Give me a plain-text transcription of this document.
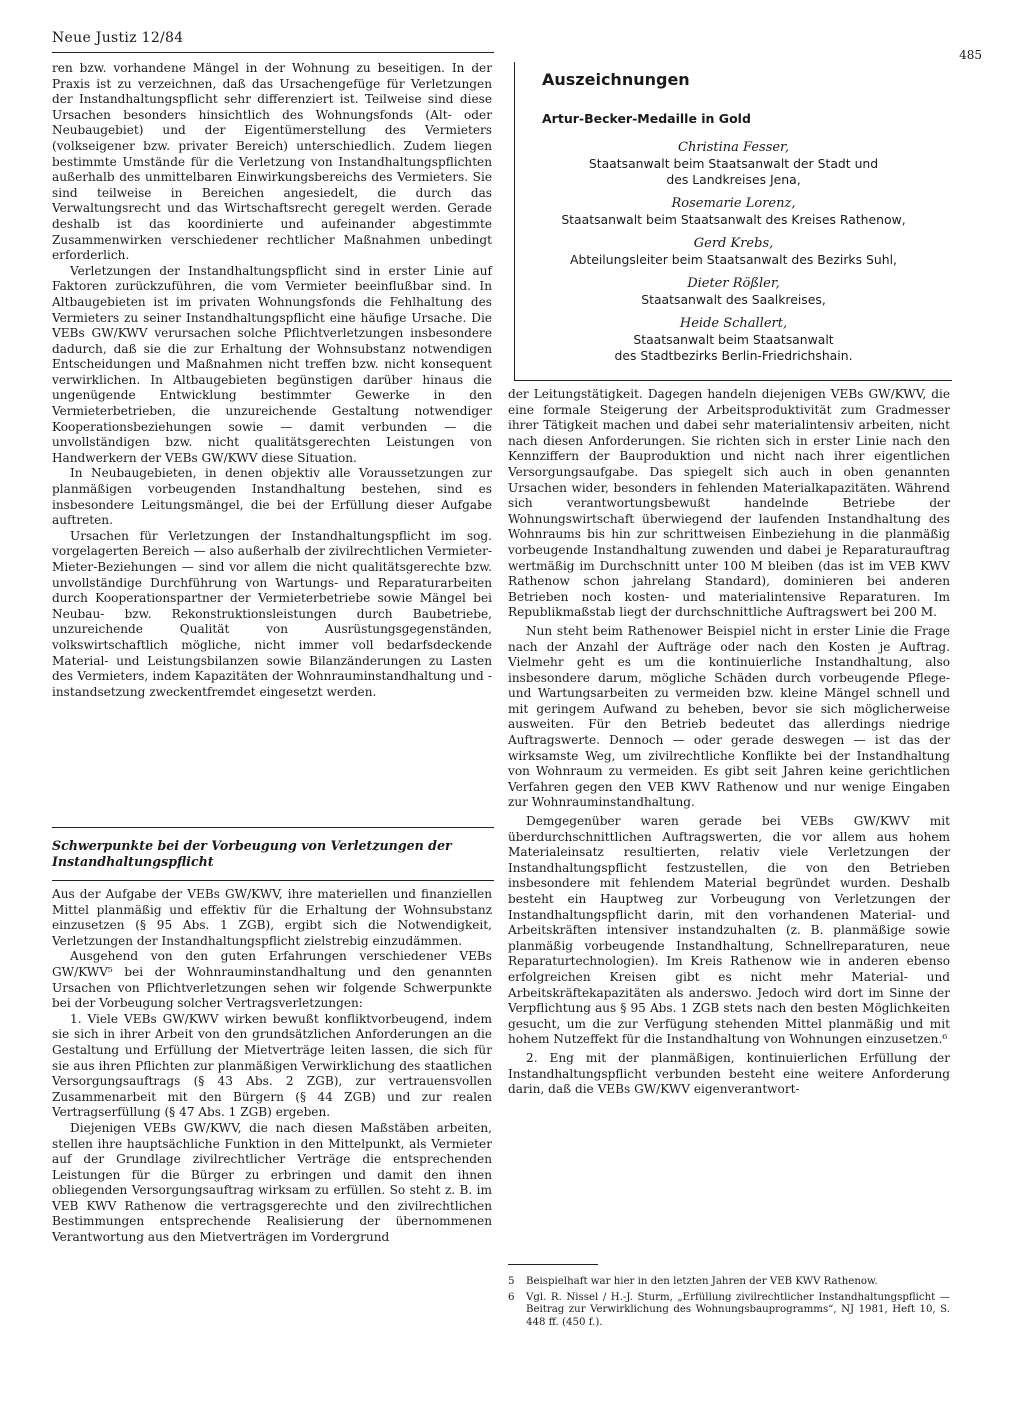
Neue Justiz 12/84
485

ren bzw. vorhandene Mängel in der Wohnung zu beseitigen. In der Praxis ist zu verzeichnen, daß das Ursachengefüge für Verletzungen der Instandhaltungspflicht sehr differenziert ist. Teilweise sind diese Ursachen besonders hinsichtlich des Wohnungsfonds (Alt- oder Neubaugebiet) und der Eigentümerstellung des Vermieters (volkseigener bzw. privater Bereich) unterschiedlich. Zudem liegen bestimmte Umstände für die Verletzung von Instandhaltungspflichten außerhalb des unmittelbaren Einwirkungsbereichs des Vermieters. Sie sind teilweise in Bereichen angesiedelt, die durch das Verwaltungsrecht und das Wirtschaftsrecht geregelt werden. Gerade deshalb ist das koordinierte und aufeinander abgestimmte Zusammenwirken verschiedener rechtlicher Maßnahmen unbedingt erforderlich.

Verletzungen der Instandhaltungspflicht sind in erster Linie auf Faktoren zurückzuführen, die vom Vermieter beeinflußbar sind. In Altbaugebieten ist im privaten Wohnungsfonds die Fehlhaltung des Vermieters zu seiner Instandhaltungspflicht eine häufige Ursache. Die VEBs GW/KWV verursachen solche Pflichtverletzungen insbesondere dadurch, daß sie die zur Erhaltung der Wohnsubstanz notwendigen Entscheidungen und Maßnahmen nicht treffen bzw. nicht konsequent verwirklichen. In Altbaugebieten begünstigen darüber hinaus die ungenügende Entwicklung bestimmter Gewerke in den Vermieterbetrieben, die unzureichende Gestaltung notwendiger Kooperationsbeziehungen sowie — damit verbunden — die unvollständigen bzw. nicht qualitätsgerechten Leistungen von Handwerkern der VEBs GW/KWV diese Situation.

In Neubaugebieten, in denen objektiv alle Voraussetzungen zur planmäßigen vorbeugenden Instandhaltung bestehen, sind es insbesondere Leitungsmängel, die bei der Erfüllung dieser Aufgabe auftreten.

Ursachen für Verletzungen der Instandhaltungspflicht im sog. vorgelagerten Bereich — also außerhalb der zivilrechtlichen Vermieter-Mieter-Beziehungen — sind vor allem die nicht qualitätsgerechte bzw. unvollständige Durchführung von Wartungs- und Reparaturarbeiten durch Kooperationspartner der Vermieterbetriebe sowie Mängel bei Neubau- bzw. Rekonstruktionsleistungen durch Baubetriebe, unzureichende Qualität von Ausrüstungsgegenständen, volkswirtschaftlich mögliche, nicht immer voll bedarfsdeckende Material- und Leistungsbilanzen sowie Bilanzänderungen zu Lasten des Vermieters, indem Kapazitäten der Wohnrauminstandhaltung und -instandsetzung zweckentfremdet eingesetzt werden.

Schwerpunkte bei der Vorbeugung von Verletzungen der Instandhaltungspflicht

Aus der Aufgabe der VEBs GW/KWV, ihre materiellen und finanziellen Mittel planmäßig und effektiv für die Erhaltung der Wohnsubstanz einzusetzen (§ 95 Abs. 1 ZGB), ergibt sich die Notwendigkeit, Verletzungen der Instandhaltungspflicht zielstrebig einzudämmen.

Ausgehend von den guten Erfahrungen verschiedener VEBs GW/KWV⁵ bei der Wohnrauminstandhaltung und den genannten Ursachen von Pflichtverletzungen sehen wir folgende Schwerpunkte bei der Vorbeugung solcher Vertragsverletzungen:

1. Viele VEBs GW/KWV wirken bewußt konfliktvorbeugend, indem sie sich in ihrer Arbeit von den grundsätzlichen Anforderungen an die Gestaltung und Erfüllung der Mietverträge leiten lassen, die sich für sie aus ihren Pflichten zur planmäßigen Verwirklichung des staatlichen Versorgungsauftrags (§ 43 Abs. 2 ZGB), zur vertrauensvollen Zusammenarbeit mit den Bürgern (§ 44 ZGB) und zur realen Vertragserfüllung (§ 47 Abs. 1 ZGB) ergeben.

Diejenigen VEBs GW/KWV, die nach diesen Maßstäben arbeiten, stellen ihre hauptsächliche Funktion in den Mittelpunkt, als Vermieter auf der Grundlage zivilrechtlicher Verträge die entsprechenden Leistungen für die Bürger zu erbringen und damit den ihnen obliegenden Versorgungsauftrag wirksam zu erfüllen. So steht z. B. im VEB KWV Rathenow die vertragsgerechte und den zivilrechtlichen Bestimmungen entsprechende Realisierung der übernommenen Verantwortung aus den Mietverträgen im Vordergrund

Auszeichnungen
Artur-Becker-Medaille in Gold
Christina Fesser,
Staatsanwalt beim Staatsanwalt der Stadt und
des Landkreises Jena,
Rosemarie Lorenz,
Staatsanwalt beim Staatsanwalt des Kreises Rathenow,
Gerd Krebs,
Abteilungsleiter beim Staatsanwalt des Bezirks Suhl,
Dieter Rößler,
Staatsanwalt des Saalkreises,
Heide Schallert,
Staatsanwalt beim Staatsanwalt
des Stadtbezirks Berlin-Friedrichshain.

der Leitungstätigkeit. Dagegen handeln diejenigen VEBs GW/KWV, die eine formale Steigerung der Arbeitsproduktivität zum Gradmesser ihrer Tätigkeit machen und dabei sehr materialintensiv arbeiten, nicht nach diesen Anforderungen. Sie richten sich in erster Linie nach den Kennziffern der Bauproduktion und nicht nach ihrer eigentlichen Versorgungsaufgabe. Das spiegelt sich auch in oben genannten Ursachen wider, besonders in fehlenden Materialkapazitäten. Während sich verantwortungsbewußt handelnde Betriebe der Wohnungswirtschaft überwiegend der laufenden Instandhaltung des Wohnraums bis hin zur schrittweisen Einbeziehung in die planmäßig vorbeugende Instandhaltung zuwenden und dabei je Reparaturauftrag wertmäßig im Durchschnitt unter 100 M bleiben (das ist im VEB KWV Rathenow schon jahrelang Standard), dominieren bei anderen Betrieben noch kosten- und materialintensive Reparaturen. Im Republikmaßstab liegt der durchschnittliche Auftragswert bei 200 M.

Nun steht beim Rathenower Beispiel nicht in erster Linie die Frage nach der Anzahl der Aufträge oder nach den Kosten je Auftrag. Vielmehr geht es um die kontinuierliche Instandhaltung, also insbesondere darum, mögliche Schäden durch vorbeugende Pflege- und Wartungsarbeiten zu vermeiden bzw. kleine Mängel schnell und mit geringem Aufwand zu beheben, bevor sie sich möglicherweise ausweiten. Für den Betrieb bedeutet das allerdings niedrige Auftragswerte. Dennoch — oder gerade deswegen — ist das der wirksamste Weg, um zivilrechtliche Konflikte bei der Instandhaltung von Wohnraum zu vermeiden. Es gibt seit Jahren keine gerichtlichen Verfahren gegen den VEB KWV Rathenow und nur wenige Eingaben zur Wohnrauminstandhaltung.

Demgegenüber waren gerade bei VEBs GW/KWV mit überdurchschnittlichen Auftragswerten, die vor allem aus hohem Materialeinsatz resultierten, relativ viele Verletzungen der Instandhaltungspflicht festzustellen, die von den Betrieben insbesondere mit fehlendem Material begründet wurden. Deshalb besteht ein Hauptweg zur Vorbeugung von Verletzungen der Instandhaltungspflicht darin, mit den vorhandenen Material- und Arbeitskräften intensiver instandzuhalten (z. B. planmäßige sowie planmäßig vorbeugende Instandhaltung, Schnellreparaturen, neue Reparaturtechnologien). Im Kreis Rathenow wie in anderen ebenso erfolgreichen Kreisen gibt es nicht mehr Material- und Arbeitskräftekapazitäten als anderswo. Jedoch wird dort im Sinne der Verpflichtung aus § 95 Abs. 1 ZGB stets nach den besten Möglichkeiten gesucht, um die zur Verfügung stehenden Mittel planmäßig und mit hohem Nutzeffekt für die Instandhaltung von Wohnungen einzusetzen.⁶

2. Eng mit der planmäßigen, kontinuierlichen Erfüllung der Instandhaltungspflicht verbunden besteht eine weitere Anforderung darin, daß die VEBs GW/KWV eigenverantwort-

5 Beispielhaft war hier in den letzten Jahren der VEB KWV Rathenow.
6 Vgl. R. Nissel / H.-J. Sturm, „Erfüllung zivilrechtlicher Instandhaltungspflicht — Beitrag zur Verwirklichung des Wohnungsbauprogramms“, NJ 1981, Heft 10, S. 448 ff. (450 f.).
